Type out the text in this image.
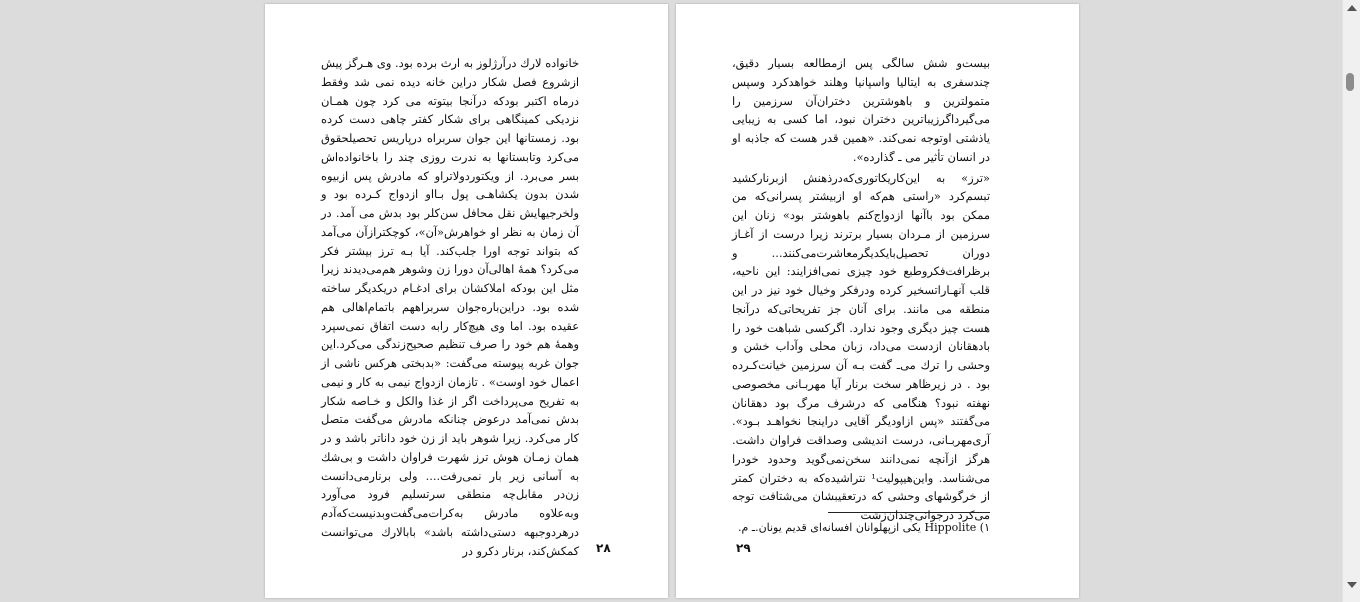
خانواده لارك درآرژلوز به ارث برده بود. وی هـرگز پیش ازشروع فصل شکار دراین خانه دیده نمی شد وفقط درماه اکتبر بودکه درآنجا بیتوته می کرد چون همـان نزدیکی کمینگاهی برای شکار کفتر چاهی دست کرده بود. زمستانها این جوان سربراه درپاریس تحصیلحقوق می‌کرد وتابستانها به ندرت روزی چند را باخانواده‌اش بسر می‌برد. از ویکتوردولاتراو که مادرش پس ازبیوه شدن بدون یکشاهـی پول بـااو ازدواج کـرده بود و ولخرجیهایش نقل محافل سن‌کلر بود بدش می آمد. در آن زمان به نظر او خواهرش«آن»، کوچکتراز‌آن می‌آمد که بتواند توجه اورا جلب‌کند. آیا بـه ترز بیشتر فکر می‌کرد؟ همهٔ اهالی‌آن دورا زن وشوهر هم‌می‌دیدند زیرا مثل این بودکه املاکشان برای ادغـام دریکدیگر ساخته شده بود. دراین‌باره‌جوان سربراههم باتمام‌اهالی هم عقیده بود. اما وی هیچ‌کار رابه دست اتفاق نمی‌سپرد وهمهٔ هم خود را صرف تنظیم صحیح‌زندگی می‌کرد.این جوان غربه پیوسته می‌گفت: «بدبختی هرکس ناشی از اعمال خود اوست» . تازمان ازدواج نیمی به کار و نیمی به تفریح می‌پرداخت اگر از غذا والکل و خـاصه شکار بدش نمی‌آمد درعوض چنانکه مادرش می‌گفت متصل کار می‌کرد. زیرا شوهر باید از زن خود داناتر باشد و در همان زمـان هوش ترز شهرت فراوان داشت و بی‌شك به آسانی زیر بار نمی‌رفت.... ولی برنارمی‌دانست زن‌در مقابل‌چه منطقی سرتسلیم فرود می‌آورد وبه‌علاوه مادرش به‌کرات‌می‌گفت‌وبدنیست‌که‌آدم درهردوجبهه دستی‌داشته باشد» بابالارك می‌توانست كمكش‌كند، برنار دكرو در ۲۸

بیست‌و شش سالگی پس ازمطالعه بسیار دقیق، چندسفری به ایتالیا واسپانیا وهلند خواهدکرد وسپس متمولترین و باهوشترین دختران‌آن سرزمین را می‌گیرداگرزیباترین دختران نبود، اما کسی به زیبایی یاذشتی اوتوجه نمی‌کند. «همین قدر هست که جاذبه او در انسان تأثیر می ـ گذارده».

«ترز» به این‌کاریکاتوری‌که‌درذهنش ازبرنارکشید تبسم‌کرد «راستی هم‌که او ازبیشتر پسرانی‌که من ممکن بود باآنها ازدواج‌کنم باهوشتر بود» زنان این سرزمین از مـردان بسیار برترند زیرا درست از آغـاز دوران تحصیل‌بایکدیگرمعاشرت‌می‌کنند... و برظرافت‌فکروطبع خود چیزی نمی‌افزایند: این ناحیه، قلب آنهـاراتسخیر کرده ودرفکر وخیال خود نیز در این منطقه می مانند. برای آنان جز تفریحاتی‌که درآنجا هست چیز دیگری وجود ندارد. اگرکسی شباهت خود را بادهقانان ازدست می‌داد، زبان محلی وآداب خشن و وحشی را ترك می‌ـ گفت بـه آن سرزمین خیانت‌کـرده بود . در زیرظاهر سخت برنار آیا مهربـانی مخصوصی نهفته نبود؟ هنگامی که درشرف مرگ بود دهقانان می‌گفتند «پس ازاودیگر آقایی دراینجا نخواهـد بـود». آری‌مهربـانی، درست اندیشی وصداقت فراوان داشت. هرگز ازآنچه نمی‌دانند سخن‌نمی‌گوید وحدود خودرا می‌شناسد. واین‌هیپولیت¹ نتراشیده‌که به دختران کمتر از خرگوشهای وحشی که درتعقیبشان می‌شتافت توجه می‌کرد درجوانی‌چندان‌زشت

۱) Hippolite یکی ازپهلوانان افسانه‌ای قدیم یونان.ـ م.
۲۹
